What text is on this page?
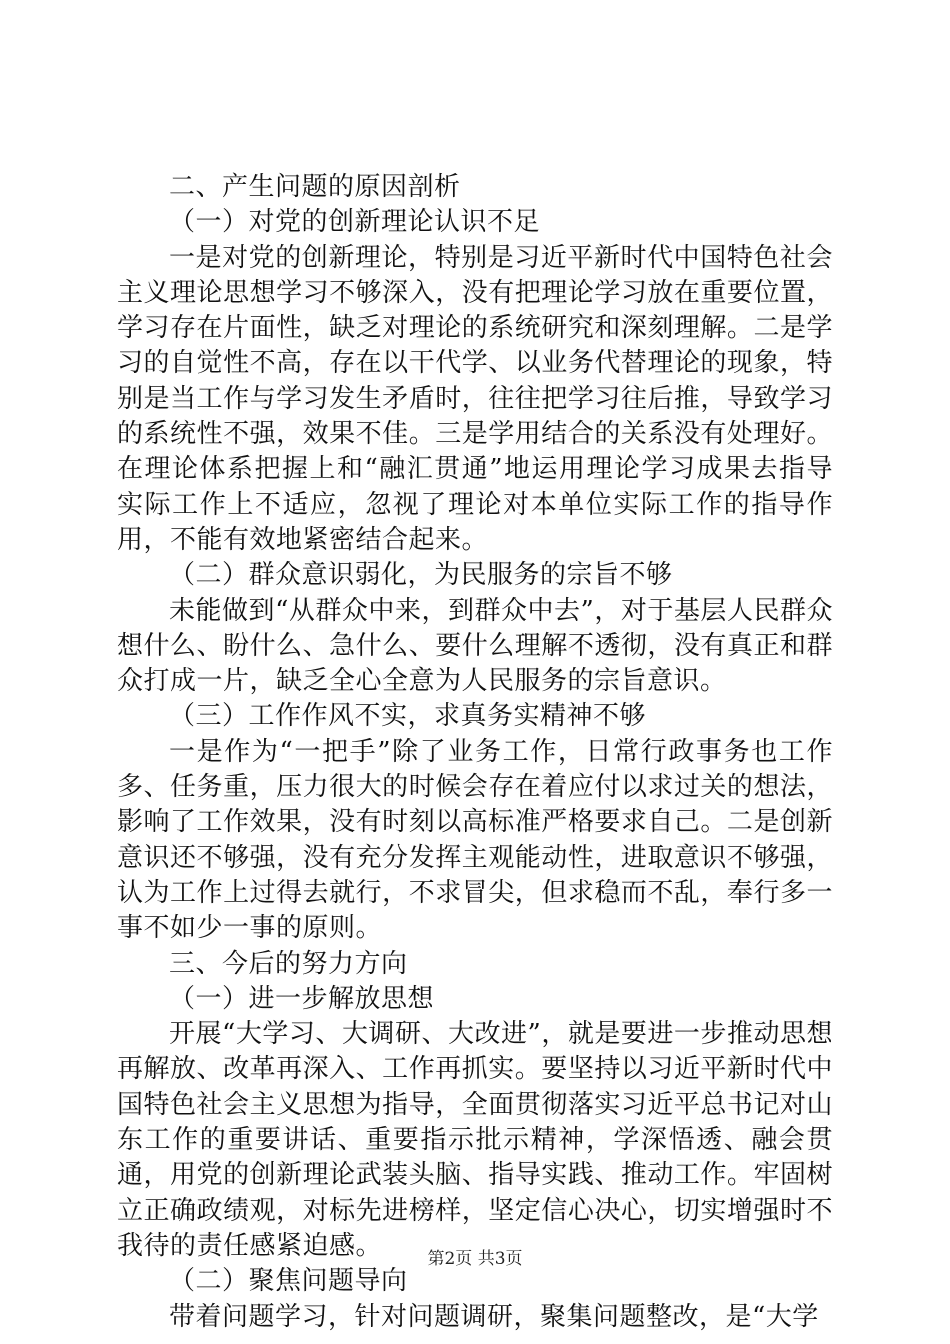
二、产生问题的原因剖析

（一）对党的创新理论认识不足

一是对党的创新理论，特别是习近平新时代中国特色社会主义理论思想学习不够深入，没有把理论学习放在重要位置，学习存在片面性，缺乏对理论的系统研究和深刻理解。二是学习的自觉性不高，存在以干代学、以业务代替理论的现象，特别是当工作与学习发生矛盾时，往往把学习往后推，导致学习的系统性不强，效果不佳。三是学用结合的关系没有处理好。在理论体系把握上和“融汇贯通”地运用理论学习成果去指导实际工作上不适应，忽视了理论对本单位实际工作的指导作用，不能有效地紧密结合起来。

（二）群众意识弱化，为民服务的宗旨不够

未能做到“从群众中来，到群众中去”，对于基层人民群众想什么、盼什么、急什么、要什么理解不透彻，没有真正和群众打成一片，缺乏全心全意为人民服务的宗旨意识。

（三）工作作风不实，求真务实精神不够

一是作为“一把手”除了业务工作，日常行政事务也工作多、任务重，压力很大的时候会存在着应付以求过关的想法，影响了工作效果，没有时刻以高标准严格要求自己。二是创新意识还不够强，没有充分发挥主观能动性，进取意识不够强，认为工作上过得去就行，不求冒尖，但求稳而不乱，奉行多一事不如少一事的原则。

三、今后的努力方向

（一）进一步解放思想

开展“大学习、大调研、大改进”，就是要进一步推动思想再解放、改革再深入、工作再抓实。要坚持以习近平新时代中国特色社会主义思想为指导，全面贯彻落实习近平总书记对山东工作的重要讲话、重要指示批示精神，学深悟透、融会贯通，用党的创新理论武装头脑、指导实践、推动工作。牢固树立正确政绩观，对标先进榜样，坚定信心决心，切实增强时不我待的责任感紧迫感。

（二）聚焦问题导向

带着问题学习，针对问题调研，聚集问题整改，是“大学

第2页 共3页
